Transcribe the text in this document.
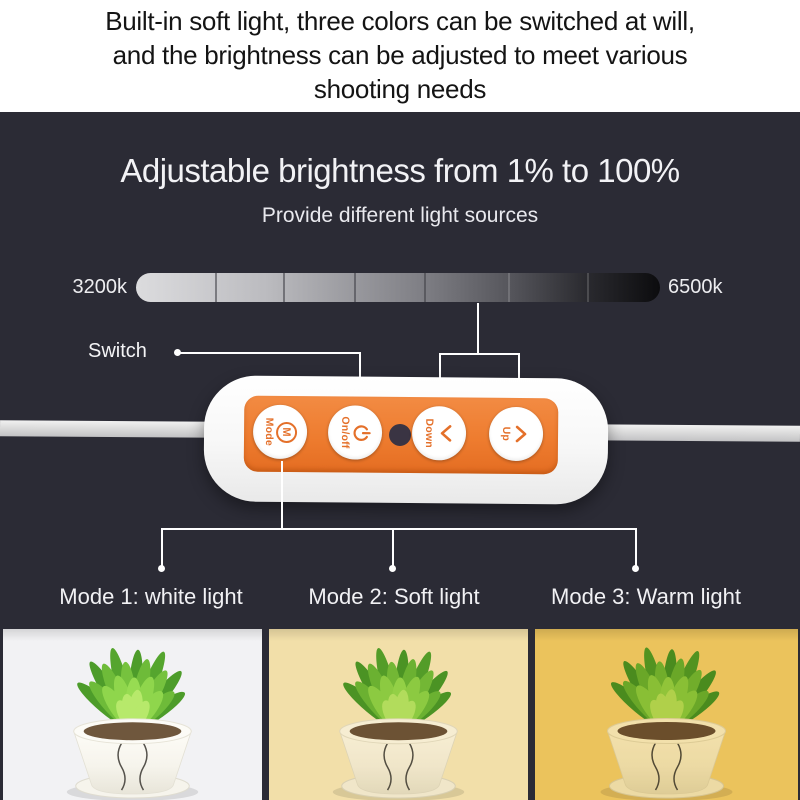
Built-in soft light, three colors can be switched at will,
and the brightness can be adjusted to meet various
shooting needs
Adjustable brightness from 1% to 100%
Provide different light sources
3200k	6500k
Switch
M
Mode	On/off	Down	Up
Mode 1: white light	Mode 2: Soft light	Mode 3: Warm light
